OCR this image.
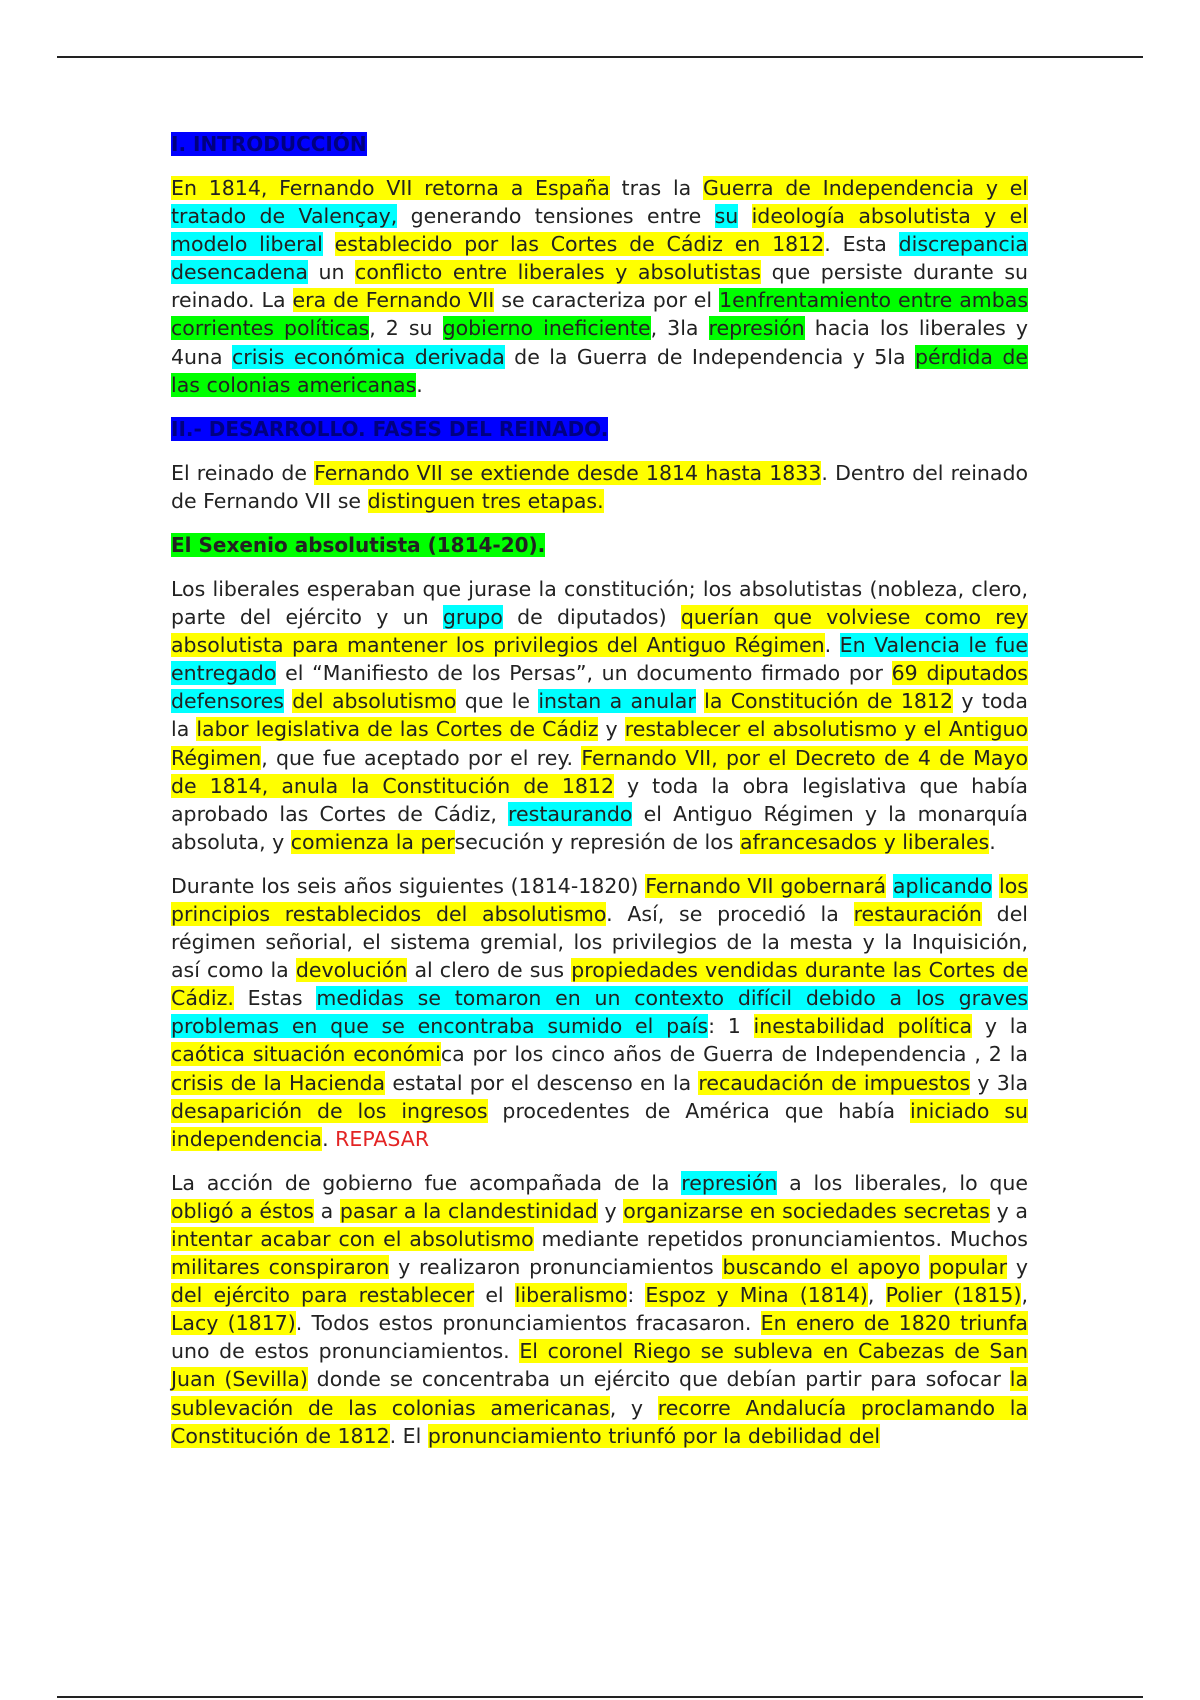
I. INTRODUCCIÓN
En 1814, Fernando VII retorna a España tras la Guerra de Independencia y el tratado de Valençay, generando tensiones entre su ideología absolutista y el modelo liberal establecido por las Cortes de Cádiz en 1812. Esta discrepancia desencadena un conflicto entre liberales y absolutistas que persiste durante su reinado. La era de Fernando VII se caracteriza por el 1enfrentamiento entre ambas corrientes políticas, 2 su gobierno ineficiente, 3la represión hacia los liberales y 4una crisis económica derivada de la Guerra de Independencia y 5la pérdida de las colonias americanas.
II.- DESARROLLO. FASES DEL REINADO.
El reinado de Fernando VII se extiende desde 1814 hasta 1833. Dentro del reinado de Fernando VII se distinguen tres etapas.
El Sexenio absolutista (1814-20).
Los liberales esperaban que jurase la constitución; los absolutistas (nobleza, clero, parte del ejército y un grupo de diputados) querían que volviese como rey absolutista para mantener los privilegios del Antiguo Régimen. En Valencia le fue entregado el “Manifiesto de los Persas”, un documento firmado por 69 diputados defensores del absolutismo que le instan a anular la Constitución de 1812 y toda la labor legislativa de las Cortes de Cádiz y restablecer el absolutismo y el Antiguo Régimen, que fue aceptado por el rey. Fernando VII, por el Decreto de 4 de Mayo de 1814, anula la Constitución de 1812 y toda la obra legislativa que había aprobado las Cortes de Cádiz, restaurando el Antiguo Régimen y la monarquía absoluta, y comienza la persecución y represión de los afrancesados y liberales.
Durante los seis años siguientes (1814-1820) Fernando VII gobernará aplicando los principios restablecidos del absolutismo. Así, se procedió la restauración del régimen señorial, el sistema gremial, los privilegios de la mesta y la Inquisición, así como la devolución al clero de sus propiedades vendidas durante las Cortes de Cádiz. Estas medidas se tomaron en un contexto difícil debido a los graves problemas en que se encontraba sumido el país: 1 inestabilidad política y la caótica situación económica por los cinco años de Guerra de Independencia , 2 la crisis de la Hacienda estatal por el descenso en la recaudación de impuestos y 3la desaparición de los ingresos procedentes de América que había iniciado su independencia. REPASAR
La acción de gobierno fue acompañada de la represión a los liberales, lo que obligó a éstos a pasar a la clandestinidad y organizarse en sociedades secretas y a intentar acabar con el absolutismo mediante repetidos pronunciamientos. Muchos militares conspiraron y realizaron pronunciamientos buscando el apoyo popular y del ejército para restablecer el liberalismo: Espoz y Mina (1814), Polier (1815), Lacy (1817). Todos estos pronunciamientos fracasaron. En enero de 1820 triunfa uno de estos pronunciamientos. El coronel Riego se subleva en Cabezas de San Juan (Sevilla) donde se concentraba un ejército que debían partir para sofocar la sublevación de las colonias americanas, y recorre Andalucía proclamando la Constitución de 1812. El pronunciamiento triunfó por la debilidad del
